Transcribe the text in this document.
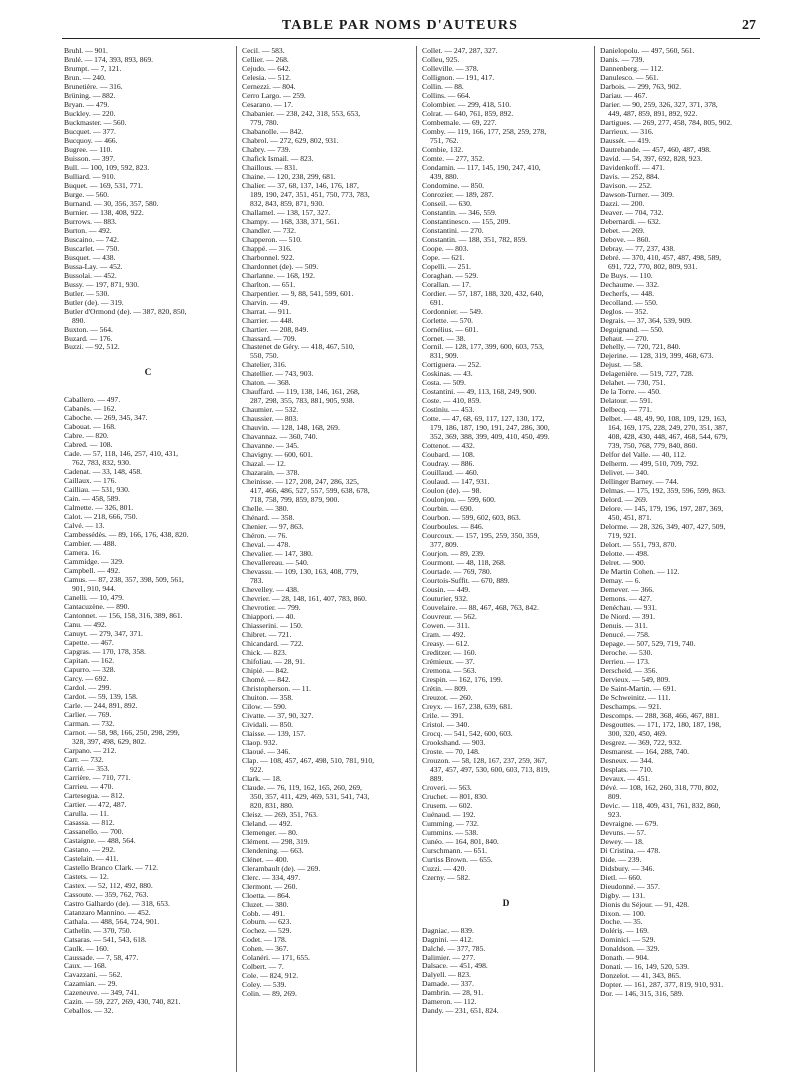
TABLE PAR NOMS D'AUTEURS	27
Bruhl. — 901.
Brulé. — 174, 393, 893, 869.
Brumpt. — 7, 121.
Brun. — 240.
Brunetière. — 316.
Brüning. — 882.
Bryan. — 479.
Buckley. — 220.
Buckmaster. — 560.
Bucquet. — 377.
Bucquoy. — 466.
Bugree. — 110.
Buisson. — 397.
Bull. — 100, 109, 592, 823.
Bulliard. — 910.
Buquet. — 169, 531, 771.
Burge. — 560.
Burnand. — 30, 356, 357, 580.
Burnier. — 138, 408, 922.
Burrows. — 883.
Burton. — 492.
Buscaino. — 742.
Buscarlet. — 750.
Busquet. — 438.
Bussa-Lay. — 452.
Bussolai. — 452.
Bussy. — 197, 871, 930.
Butler. — 530.
Butler (de). — 319.
Butler d'Ormond (de). — 387, 820, 850,
890.
Buxton. — 564.
Buzard. — 176.
Buzzi. — 92, 512.
C
Caballero. — 497.
Cabanès. — 162.
Caboche. — 269, 345, 347.
Cabouat. — 168.
Cabre. — 820.
Cabred. — 108.
Cade. — 57, 118, 146, 257, 410, 431,
762, 783, 832, 930.
Cadenat. — 33, 148, 458.
Caillaux. — 176.
Cailliau. — 531, 930.
Cain. — 458, 589.
Calmette. — 326, 801.
Calot. — 218, 666, 750.
Calvé. — 13.
Cambessédès. — 89, 166, 176, 438, 820.
Cambier. — 488.
Camera. 16.
Cammidge. — 329.
Campbell. — 492.
Camus. — 87, 238, 357, 398, 509, 561,
901, 910, 944.
Canelli. — 10, 479.
Cantacuzène. — 890.
Cantonnet. — 156, 158, 316, 389, 861.
Canu. — 492.
Canuyt. — 279, 347, 371.
Capette. — 467.
Capgras. — 170, 178, 358.
Capitan. — 162.
Capurro. — 328.
Carcy. — 692.
Cardol. — 299.
Cardot. — 59, 139, 158.
Carle. — 244, 891, 892.
Carlier. — 769.
Carman. — 732.
Carnot. — 58, 98, 166, 250, 298, 299,
328, 397, 498, 629, 802.
Carpano. — 212.
Carr. — 732.
Carrié. — 353.
Carrière. — 710, 771.
Carrieu. — 470.
Cartesegua. — 812.
Cartier. — 472, 487.
Carulla. — 11.
Casassa. — 812.
Cassanello. — 700.
Castaigne. — 488, 564.
Castano. — 292.
Castelain. — 411.
Castello Branco Clark. — 712.
Castets. — 12.
Castex. — 52, 112, 492, 880.
Cassoute. — 359, 762, 763.
Castro Galhardo (de). — 318, 653.
Catanzaro Mannino. — 452.
Cathala. — 488, 564, 724, 901.
Cathelin. — 370, 750.
Catsaras. — 541, 543, 618.
Caulk. — 160.
Caussade. — 7, 58, 477.
Caux. — 168.
Cavazzani. — 562.
Cazamian. — 29.
Cazeneuve. — 349, 741.
Cazin. — 59, 227, 269, 430, 740, 821.
Ceballos. — 32.
Cecil. — 583.
Cellier. — 268.
Cejudo. — 642.
Celesia. — 512.
Cernezzi. — 804.
Cerro Largo. — 259.
Cesarano. — 17.
Chabanier. — 238, 242, 318, 553, 653,
779, 780.
Chabanolle. — 842.
Chabrol. — 272, 629, 802, 931.
Chabry. — 739.
Chafick Ismail. — 823.
Chaillous. — 831.
Chaine. — 120, 238, 299, 681.
Chalier. — 37, 68, 137, 146, 176, 187,
189, 190, 247, 351, 451, 750, 773, 783,
832, 843, 859, 871, 930.
Challamel. — 138, 157, 327.
Champy. — 168, 338, 371, 561.
Chandler. — 732.
Chapperon. — 510.
Chappé. — 316.
Charbonnel. 922.
Chardonnet (de). — 509.
Charlanne. — 168, 192.
Charlton. — 651.
Charpentier. — 9, 88, 541, 599, 601.
Charvin. — 49.
Charrat. — 911.
Charrier. — 448.
Chartier. — 208, 849.
Chassard. — 709.
Chastenet de Géry. — 418, 467, 510,
550, 750.
Chatelier, 316.
Chatellier. — 743, 903.
Chaton. — 368.
Chauffard. — 119, 138, 146, 161, 268,
287, 298, 355, 783, 881, 905, 938.
Chaumier. — 532.
Chaussier. — 803.
Chauvin. — 128, 148, 168, 269.
Chavannaz. — 360, 740.
Chavanne. — 345.
Chavigny. — 600, 601.
Chazal. — 12.
Chazarain. — 378.
Cheinisse. — 127, 208, 247, 286, 325,
417, 466, 486, 527, 557, 599, 638, 678,
718, 758, 799, 859, 879, 900.
Chelle. — 380.
Chénard. — 358.
Chenier. — 97, 863.
Chéron. — 76.
Cheval. — 478.
Chevalier. — 147, 380.
Chevallereau. — 540.
Chevassu. — 109, 130, 163, 408, 779,
783.
Chevelley. — 438.
Chevrier. — 28, 148, 161, 407, 783, 860.
Chevrotier. — 799.
Chiappori. — 40.
Chiasserini. — 150.
Chibret. — 721.
Chicandard. — 722.
Chick. — 823.
Chifoliau. — 28, 91.
Chiрié. — 842.
Chomé. — 842.
Christopherson. — 11.
Chuiton. — 358.
Cilow. — 590.
Civatte. — 37, 90, 327.
Cividali. — 850.
Claisse. — 139, 157.
Claop. 932.
Claoué. — 346.
Clap. — 108, 457, 467, 498, 510, 781, 910,
922.
Clark. — 18.
Claude. — 76, 119, 162, 165, 260, 269,
350, 357, 411, 429, 469, 531, 541, 743,
820, 831, 880.
Cleisz. — 269, 351, 763.
Cleland. — 492.
Clemenger. — 80.
Clément. — 298, 319.
Clendening. — 663.
Clénet. — 400.
Clerambault (de). — 269.
Clerc. — 334, 497.
Clermont. — 260.
Cloetta. — 864.
Cluzet. — 380.
Cobb. — 491.
Coburn. — 623.
Cochez. — 529.
Codet. — 178.
Cohen. — 367.
Colanéri. — 171, 655.
Colbert. — 7.
Cole. — 824, 912.
Coley. — 539.
Colin. — 89, 269.
Collet. — 247, 287, 327.
Colleu, 925.
Colleville. — 378.
Collignon. — 191, 417.
Collin. — 88.
Collins. — 664.
Colombier. — 299, 418, 510.
Colrat. — 640, 761, 859, 892.
Combemale. — 69, 227.
Comby. — 119, 166, 177, 258, 259, 278,
751, 762.
Combie, 132.
Comte. — 277, 352.
Condamin. — 117, 145, 190, 247, 410,
439, 880.
Condomine. — 850.
Conrozier. — 189, 287.
Conseil. — 630.
Constantin. — 346, 559.
Constantinesco. — 155, 209.
Constantini. — 270.
Constantin. — 188, 351, 782, 859.
Coope. — 803.
Cope. — 621.
Copelli. — 251.
Coraghan. — 529.
Corallan. — 17.
Cordier. — 57, 187, 188, 320, 432, 640,
691.
Cordonnier. — 549.
Corlette. — 570.
Cornélius. — 601.
Cornet. — 38.
Cornil. — 128, 177, 399, 600, 603, 753,
831, 909.
Cortiguera. — 252.
Coskinas. — 43.
Costa. — 509.
Costantini. — 49, 113, 168, 249, 900.
Coste. — 410, 859.
Costiniu. — 453.
Cotte. — 47, 68, 69, 117, 127, 130, 172,
179, 186, 187, 190, 191, 247, 286, 300,
352, 369, 388, 399, 409, 410, 450, 499.
Cottenot. — 432.
Coubard. — 108.
Coudray. — 886.
Couillaud. — 460.
Coulaud. — 147, 931.
Coulon (de). — 98.
Coulonjou. — 599, 600.
Courbin. — 690.
Courbon. — 599, 602, 603, 863.
Courboules. — 846.
Courcoux. — 157, 195, 259, 350, 359,
377, 809.
Courjon. — 89, 239.
Courmont. — 48, 118, 268.
Courtade. — 769, 780.
Courtois-Suffit. — 670, 889.
Cousin. — 449.
Couturier, 932.
Couvelaire. — 88, 467, 468, 763, 842.
Couvreur. — 562.
Cowen. — 311.
Cram. — 492.
Creasy. — 612.
Creditzer. — 160.
Crémieux. — 37.
Cremona. — 563.
Crespin. — 162, 176, 199.
Crétin. — 809.
Creuzot. — 260.
Creyx. — 167, 238, 639, 681.
Crile. — 391.
Cristol. — 340.
Crocq. — 541, 542, 600, 603.
Crookshand. — 903.
Croste. — 70, 148.
Crouzon. — 58, 128, 167, 237, 259, 367,
437, 457, 497, 530, 600, 603, 713, 819,
889.
Croveri. — 563.
Cruchet. — 801, 830.
Crusem. — 602.
Cuénaud. — 192.
Cumming. — 732.
Cummins. — 538.
Cunéo. — 164, 801, 840.
Curschmann. — 651.
Curtiss Brown. — 655.
Cuzzi. — 420.
Czerny. — 582.
D
Dagniac. — 839.
Dagnini. — 412.
Dalché. — 377, 785.
Dalimier. — 277.
Dalsace. — 451, 498.
Dalyell. — 823.
Damade. — 337.
Dambrin. — 28, 91.
Dameron. — 112.
Dandy. — 231, 651, 824.
Danielopolu. — 497, 560, 561.
Danis. — 739.
Dannenberg. — 112.
Danulesco. — 561.
Darbois. — 299, 763, 902.
Dariau. — 467.
Darier. — 90, 259, 326, 327, 371, 378,
449, 487, 859, 891, 892, 922.
Dartigues. — 269, 277, 458, 784, 805, 902.
Darrieux. — 316.
Daussét. — 419.
Dautrebande. — 457, 460, 487, 498.
David. — 54, 397, 692, 828, 923.
Davidenkoff. — 471.
Davis. — 252, 884.
Davison. — 252.
Dawson-Turner. — 309.
Dazzi. — 200.
Deaver. — 704, 732.
Debernardi. — 632.
Debet. — 269.
Debove. — 860.
Debray. — 77, 237, 438.
Debré. — 370, 410, 457, 487, 498, 589,
691, 722, 770, 802, 809, 931.
De Buys. — 110.
Dechaume. — 332.
Decherfs, — 448.
Decolland. — 550.
Deglos. — 352.
Degrais. — 37, 364, 539, 909.
Deguignand. — 550.
Dehaut. — 270.
Dehelly. — 720, 721, 840.
Dejerine. — 128, 319, 399, 468, 673.
Dejust. — 58.
Delagenière. — 519, 727, 728.
Delahet. — 730, 751.
De la Torre. — 450.
Delatour. — 591.
Delbecq. — 771.
Delbet. — 48, 49, 90, 108, 109, 129, 163,
164, 169, 175, 228, 249, 270, 351, 387,
408, 428, 430, 448, 467, 468, 544, 679,
739, 750, 768, 779, 840, 860.
Delfor del Valle. — 40, 112.
Delherm. — 499, 510, 709, 792.
Delivet. — 340.
Dellinger Barney. — 744.
Delmas. — 175, 192, 359, 596, 599, 863.
Delord. — 269.
Delore. — 145, 179, 196, 197, 287, 369,
450, 451, 871.
Delorme. — 28, 326, 349, 407, 427, 509,
719, 921.
Delort. — 551, 793, 870.
Delotte. — 498.
Delret. — 900.
De Martin Cohen. — 112.
Demay. — 6.
Demever. — 366.
Demons. — 427.
Denéchau. — 931.
De Niord. — 391.
Denuis. — 311.
Denucé. — 758.
Depage. — 507, 529, 719, 740.
Deroche. — 530.
Derrieu. — 173.
Derscheid. — 356.
Dervieux. — 549, 809.
De Saint-Martin. — 691.
De Schweinitz. — 111.
Deschamps. — 921.
Descomps. — 288, 368, 466, 467, 881.
Desgouttes. — 171, 172, 180, 187, 198,
300, 320, 450, 469.
Desgrez. — 369, 722, 932.
Desmarest. — 164, 288, 740.
Desneux. — 344.
Desplats. — 710.
Devaux. — 451.
Dévé. — 108, 162, 260, 318, 770, 802,
809.
Devic. — 118, 409, 431, 761, 832, 860,
923.
Devraigne. — 679.
Devuns. — 57.
Dewey. — 18.
Di Cristina. — 478.
Dide. — 239.
Didsbury. — 346.
Dietl. — 660.
Dieudonné. — 357.
Digby. — 131.
Dionis du Séjour. — 91, 428.
Dixon. — 100.
Doche. — 35.
Dolériș. — 169.
Dominici. — 529.
Donaldson. — 329.
Donath. — 904.
Donati. — 16, 149, 520, 539.
Donzelot. — 41, 343, 865.
Dopter. — 161, 287, 377, 819, 910, 931.
Dor. — 146, 315, 316, 589.
